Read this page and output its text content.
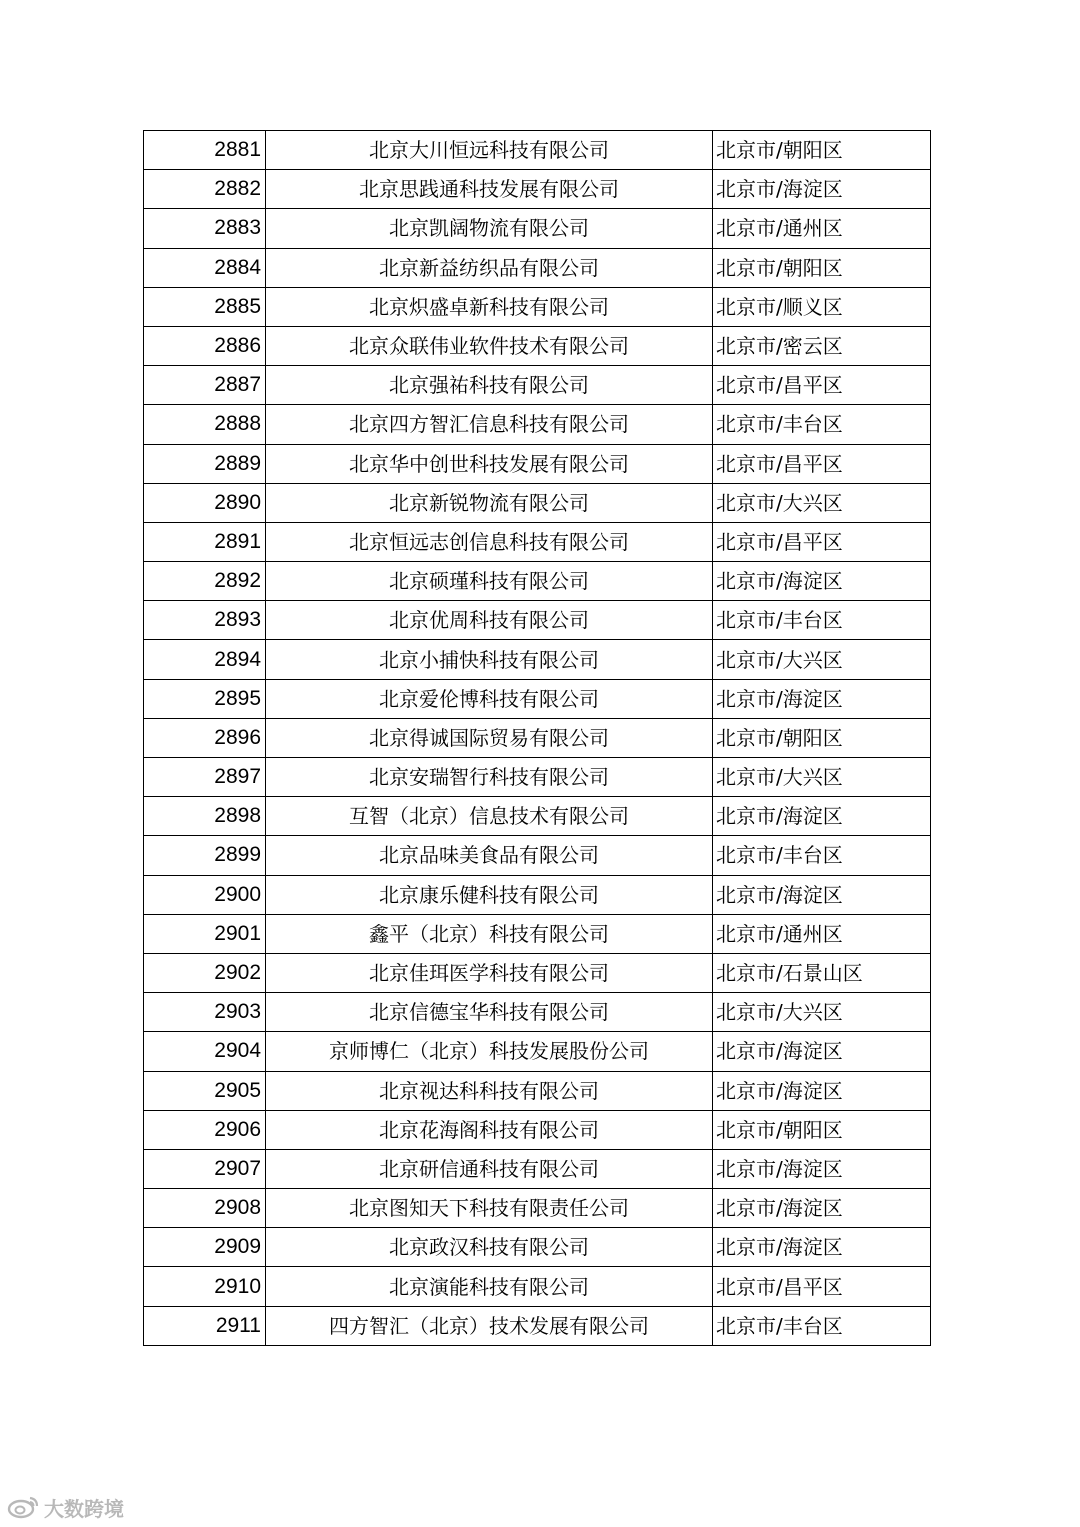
2881	北京大川恒远科技有限公司	北京市/朝阳区
2882	北京思践通科技发展有限公司	北京市/海淀区
2883	北京凯阔物流有限公司	北京市/通州区
2884	北京新益纺织品有限公司	北京市/朝阳区
2885	北京炽盛卓新科技有限公司	北京市/顺义区
2886	北京众联伟业软件技术有限公司	北京市/密云区
2887	北京强祐科技有限公司	北京市/昌平区
2888	北京四方智汇信息科技有限公司	北京市/丰台区
2889	北京华中创世科技发展有限公司	北京市/昌平区
2890	北京新锐物流有限公司	北京市/大兴区
2891	北京恒远志创信息科技有限公司	北京市/昌平区
2892	北京硕瑾科技有限公司	北京市/海淀区
2893	北京优周科技有限公司	北京市/丰台区
2894	北京小捕快科技有限公司	北京市/大兴区
2895	北京爱伦博科技有限公司	北京市/海淀区
2896	北京得诚国际贸易有限公司	北京市/朝阳区
2897	北京安瑞智行科技有限公司	北京市/大兴区
2898	互智（北京）信息技术有限公司	北京市/海淀区
2899	北京品味美食品有限公司	北京市/丰台区
2900	北京康乐健科技有限公司	北京市/海淀区
2901	鑫平（北京）科技有限公司	北京市/通州区
2902	北京佳珥医学科技有限公司	北京市/石景山区
2903	北京信德宝华科技有限公司	北京市/大兴区
2904	京师博仁（北京）科技发展股份公司	北京市/海淀区
2905	北京视达科科技有限公司	北京市/海淀区
2906	北京花海阁科技有限公司	北京市/朝阳区
2907	北京研信通科技有限公司	北京市/海淀区
2908	北京图知天下科技有限责任公司	北京市/海淀区
2909	北京政汉科技有限公司	北京市/海淀区
2910	北京演能科技有限公司	北京市/昌平区
2911	四方智汇（北京）技术发展有限公司	北京市/丰台区
大数跨境
